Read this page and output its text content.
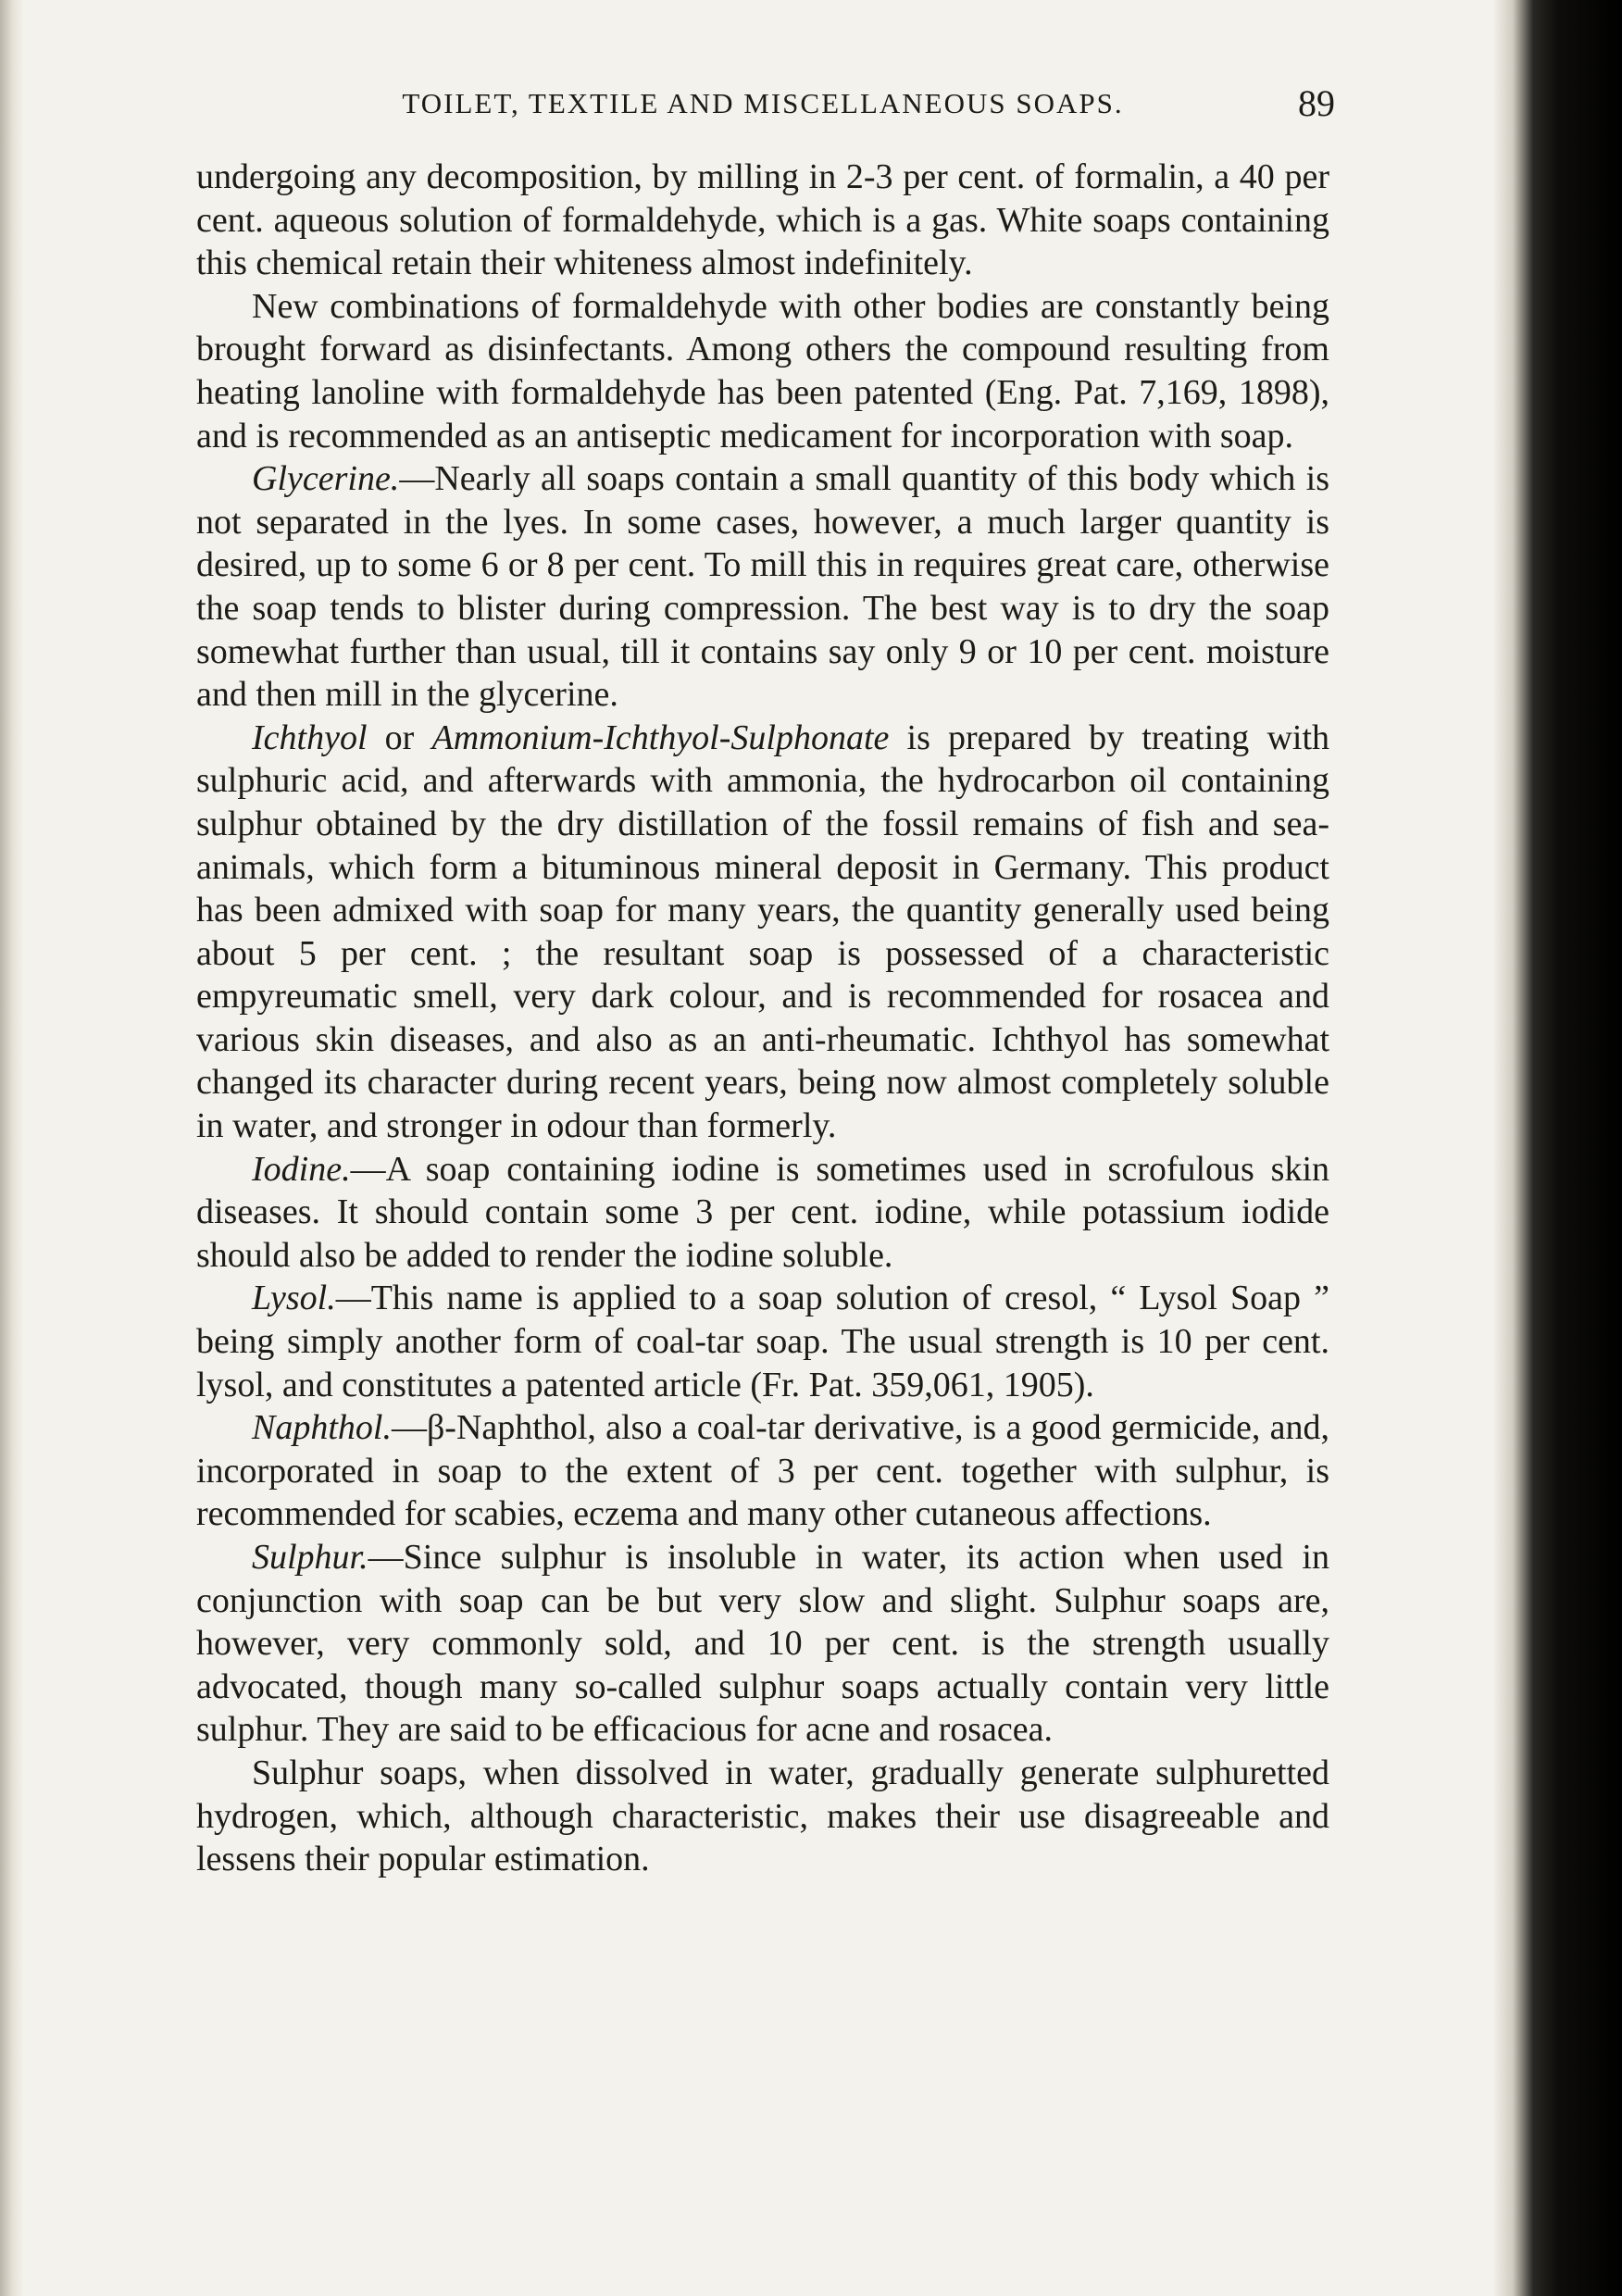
TOILET, TEXTILE AND MISCELLANEOUS SOAPS.	89

undergoing any decomposition, by milling in 2-3 per cent. of formalin, a 40 per cent. aqueous solution of formaldehyde, which is a gas. White soaps containing this chemical retain their whiteness almost indefinitely.

New combinations of formaldehyde with other bodies are constantly being brought forward as disinfectants. Among others the compound resulting from heating lanoline with formaldehyde has been patented (Eng. Pat. 7,169, 1898), and is recommended as an antiseptic medicament for incorporation with soap.

Glycerine.—Nearly all soaps contain a small quantity of this body which is not separated in the lyes. In some cases, however, a much larger quantity is desired, up to some 6 or 8 per cent. To mill this in requires great care, otherwise the soap tends to blister during compression. The best way is to dry the soap somewhat further than usual, till it contains say only 9 or 10 per cent. moisture and then mill in the glycerine.

Ichthyol or Ammonium-Ichthyol-Sulphonate is prepared by treating with sulphuric acid, and afterwards with ammonia, the hydrocarbon oil containing sulphur obtained by the dry distillation of the fossil remains of fish and sea-animals, which form a bituminous mineral deposit in Germany. This product has been admixed with soap for many years, the quantity generally used being about 5 per cent. ; the resultant soap is possessed of a characteristic empyreumatic smell, very dark colour, and is recommended for rosacea and various skin diseases, and also as an anti-rheumatic. Ichthyol has somewhat changed its character during recent years, being now almost completely soluble in water, and stronger in odour than formerly.

Iodine.—A soap containing iodine is sometimes used in scrofulous skin diseases. It should contain some 3 per cent. iodine, while potassium iodide should also be added to render the iodine soluble.

Lysol.—This name is applied to a soap solution of cresol, “ Lysol Soap ” being simply another form of coal-tar soap. The usual strength is 10 per cent. lysol, and constitutes a patented article (Fr. Pat. 359,061, 1905).

Naphthol.—β-Naphthol, also a coal-tar derivative, is a good germicide, and, incorporated in soap to the extent of 3 per cent. together with sulphur, is recommended for scabies, eczema and many other cutaneous affections.

Sulphur.—Since sulphur is insoluble in water, its action when used in conjunction with soap can be but very slow and slight. Sulphur soaps are, however, very commonly sold, and 10 per cent. is the strength usually advocated, though many so-called sulphur soaps actually contain very little sulphur. They are said to be efficacious for acne and rosacea.

Sulphur soaps, when dissolved in water, gradually generate sulphuretted hydrogen, which, although characteristic, makes their use disagreeable and lessens their popular estimation.
